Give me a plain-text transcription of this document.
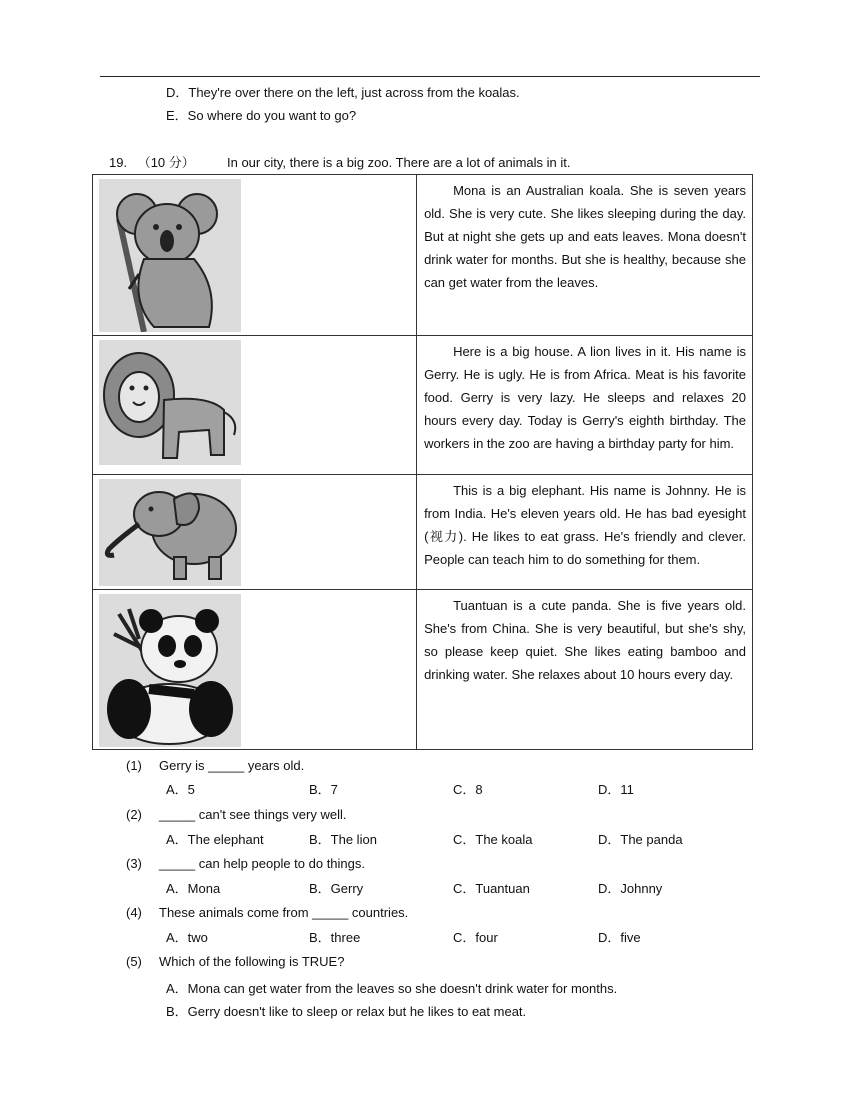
D．They're over there on the left, just across from the koalas.
E．So where do you want to go?
19. （10 分） In our city, there is a big zoo. There are a lot of animals in it.

Mona is an Australian koala. She is seven years old. She is very cute. She likes sleeping during the day. But at night she gets up and eats leaves. Mona doesn't drink water for months. But she is healthy, because she can get water from the leaves.

Here is a big house. A lion lives in it. His name is Gerry. He is ugly. He is from Africa. Meat is his favorite food. Gerry is very lazy. He sleeps and relaxes 20 hours every day. Today is Gerry's eighth birthday. The workers in the zoo are having a birthday party for him.

This is a big elephant. His name is Johnny. He is from India. He's eleven years old. He has bad eyesight (视力). He likes to eat grass. He's friendly and clever. People can teach him to do something for them.

Tuantuan is a cute panda. She is five years old. She's from China. She is very beautiful, but she's shy, so please keep quiet. She likes eating bamboo and drinking water. She relaxes about 10 hours every day.

(1) Gerry is _____ years old.
A．5	B．7	C．8	D．11
(2) _____ can't see things very well.
A．The elephant	B．The lion	C．The koala	D．The panda
(3) _____ can help people to do things.
A．Mona	B．Gerry	C．Tuantuan	D．Johnny
(4) These animals come from _____ countries.
A．two	B．three	C．four	D．five
(5) Which of the following is TRUE?
A．Mona can get water from the leaves so she doesn't drink water for months.
B．Gerry doesn't like to sleep or relax but he likes to eat meat.
